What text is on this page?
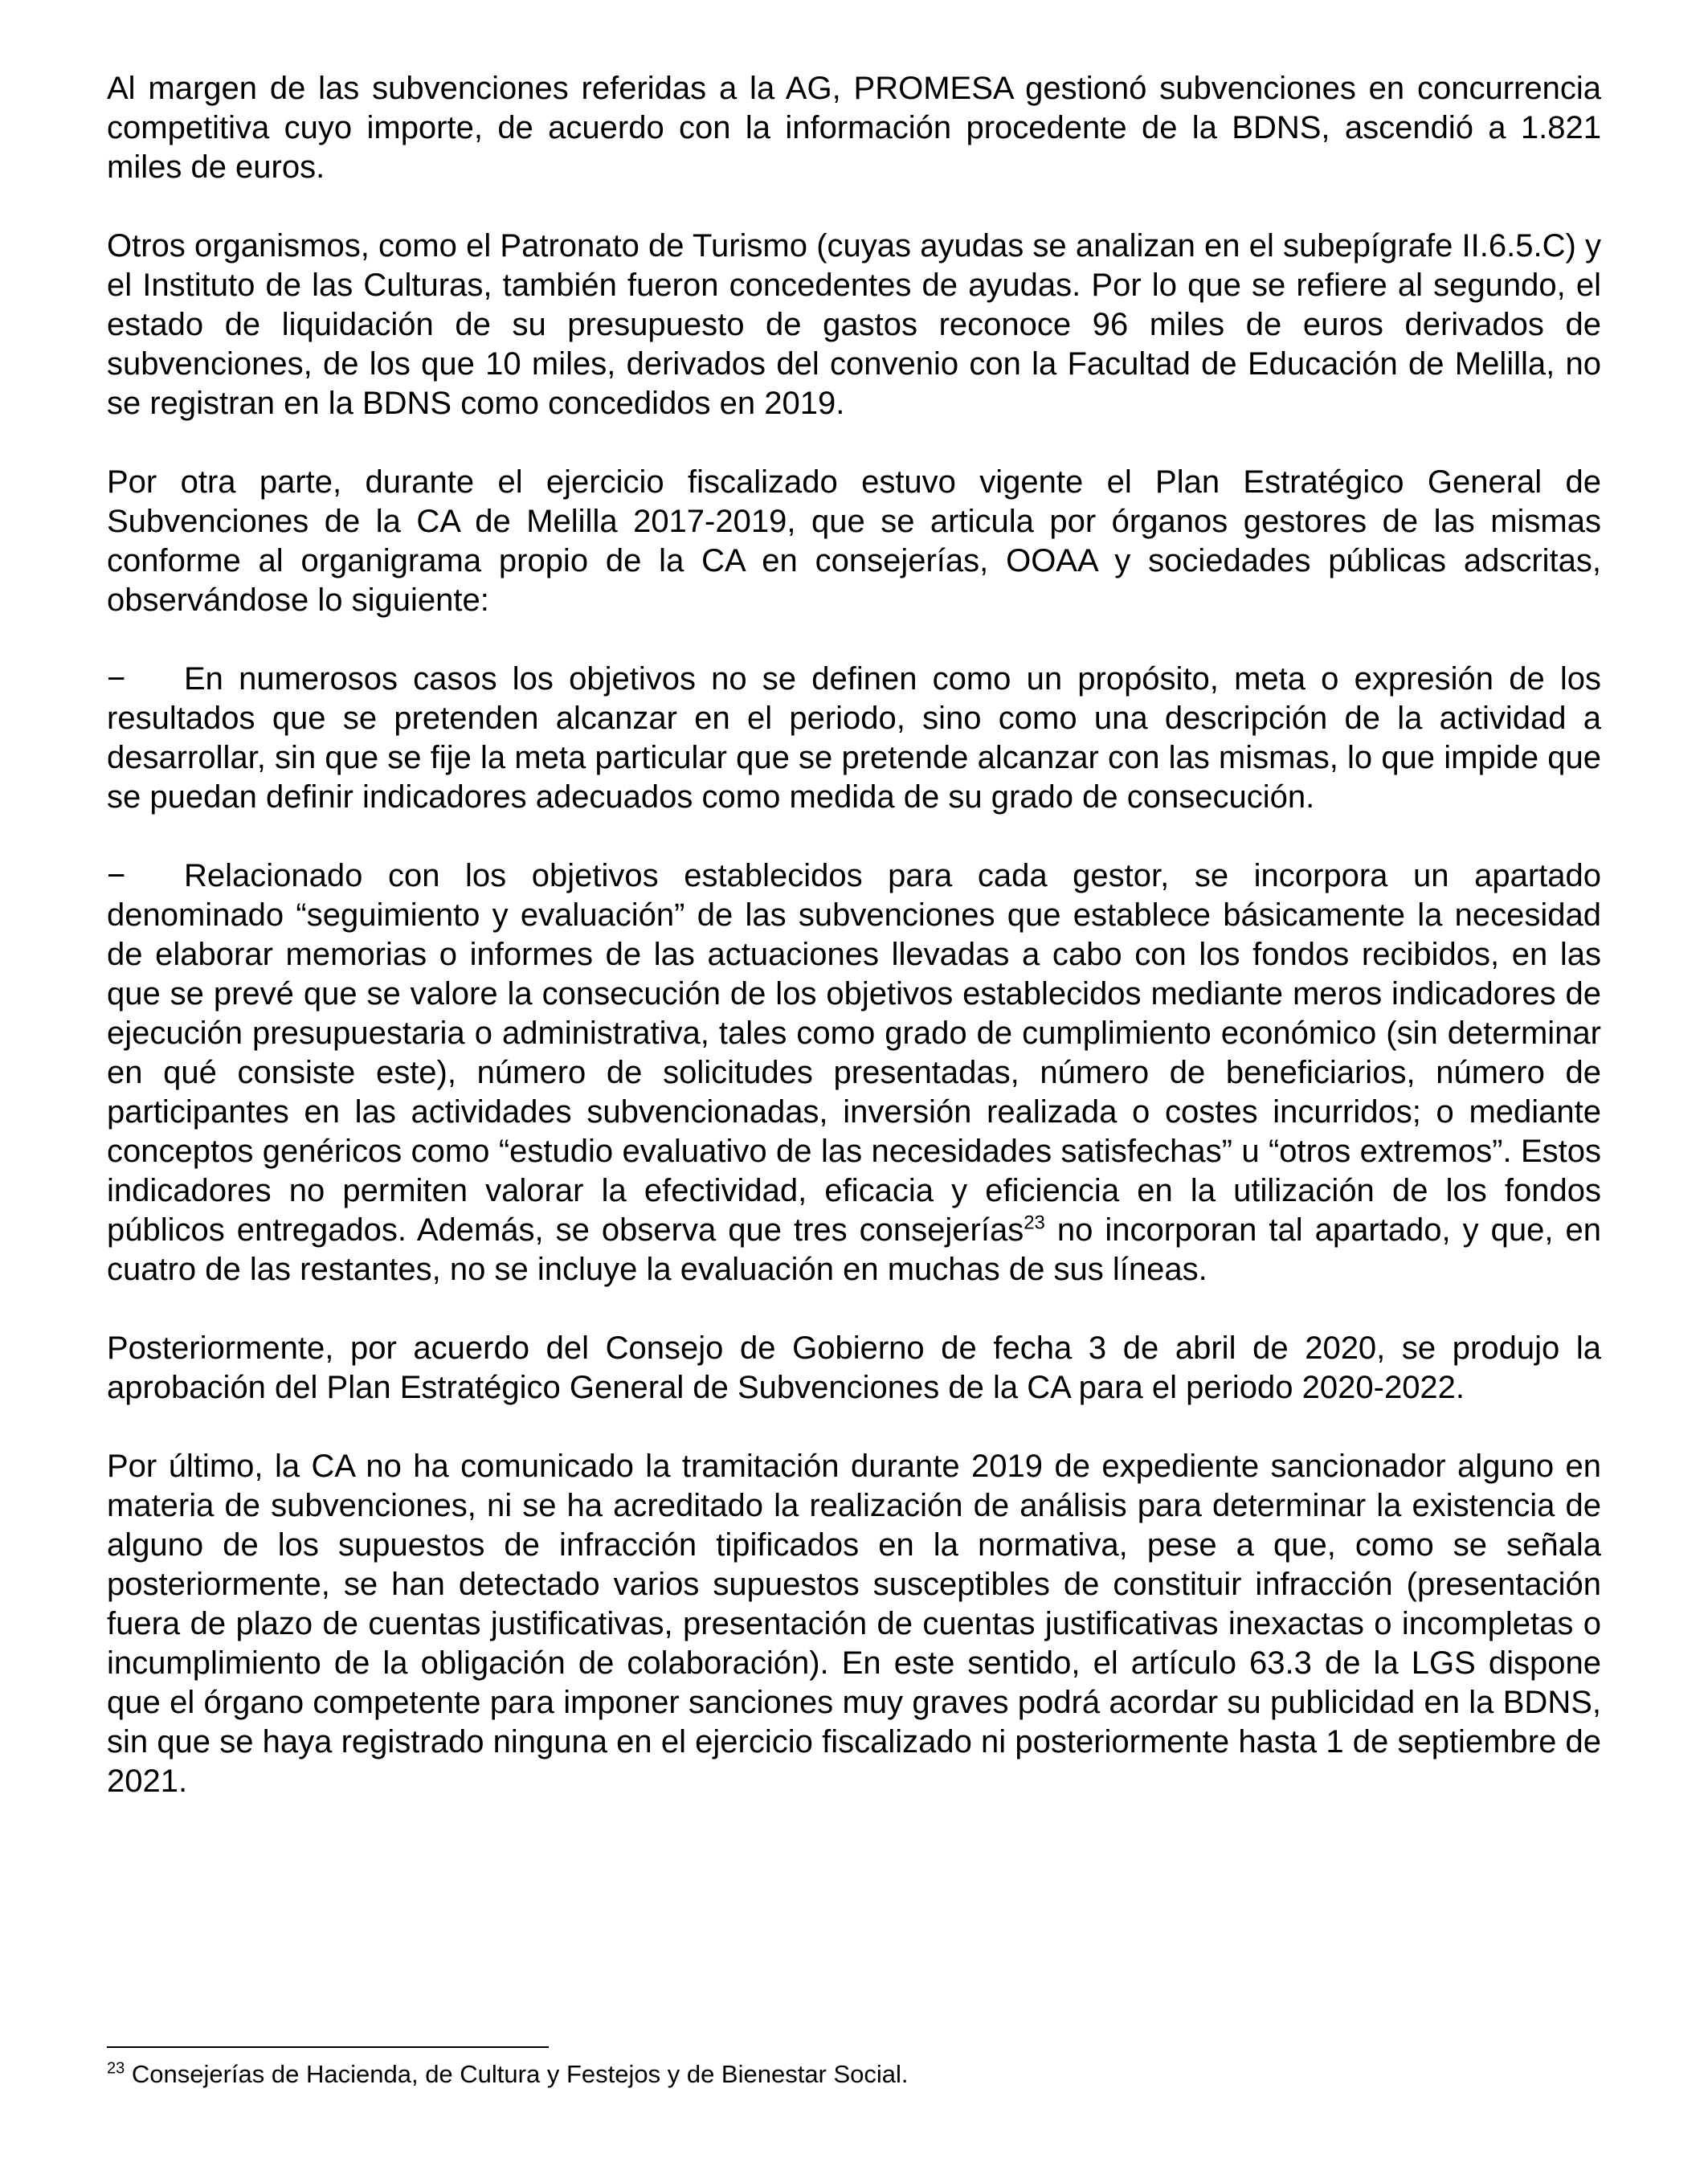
Al margen de las subvenciones referidas a la AG, PROMESA gestionó subvenciones en concurrencia competitiva cuyo importe, de acuerdo con la información procedente de la BDNS, ascendió a 1.821 miles de euros.

Otros organismos, como el Patronato de Turismo (cuyas ayudas se analizan en el subepígrafe II.6.5.C) y el Instituto de las Culturas, también fueron concedentes de ayudas. Por lo que se refiere al segundo, el estado de liquidación de su presupuesto de gastos reconoce 96 miles de euros derivados de subvenciones, de los que 10 miles, derivados del convenio con la Facultad de Educación de Melilla, no se registran en la BDNS como concedidos en 2019.

Por otra parte, durante el ejercicio fiscalizado estuvo vigente el Plan Estratégico General de Subvenciones de la CA de Melilla 2017-2019, que se articula por órganos gestores de las mismas conforme al organigrama propio de la CA en consejerías, OOAA y sociedades públicas adscritas, observándose lo siguiente:

− En numerosos casos los objetivos no se definen como un propósito, meta o expresión de los resultados que se pretenden alcanzar en el periodo, sino como una descripción de la actividad a desarrollar, sin que se fije la meta particular que se pretende alcanzar con las mismas, lo que impide que se puedan definir indicadores adecuados como medida de su grado de consecución.

− Relacionado con los objetivos establecidos para cada gestor, se incorpora un apartado denominado “seguimiento y evaluación” de las subvenciones que establece básicamente la necesidad de elaborar memorias o informes de las actuaciones llevadas a cabo con los fondos recibidos, en las que se prevé que se valore la consecución de los objetivos establecidos mediante meros indicadores de ejecución presupuestaria o administrativa, tales como grado de cumplimiento económico (sin determinar en qué consiste este), número de solicitudes presentadas, número de beneficiarios, número de participantes en las actividades subvencionadas, inversión realizada o costes incurridos; o mediante conceptos genéricos como “estudio evaluativo de las necesidades satisfechas” u “otros extremos”. Estos indicadores no permiten valorar la efectividad, eficacia y eficiencia en la utilización de los fondos públicos entregados. Además, se observa que tres consejerías$^{23}$ no incorporan tal apartado, y que, en cuatro de las restantes, no se incluye la evaluación en muchas de sus líneas.

Posteriormente, por acuerdo del Consejo de Gobierno de fecha 3 de abril de 2020, se produjo la aprobación del Plan Estratégico General de Subvenciones de la CA para el periodo 2020-2022.

Por último, la CA no ha comunicado la tramitación durante 2019 de expediente sancionador alguno en materia de subvenciones, ni se ha acreditado la realización de análisis para determinar la existencia de alguno de los supuestos de infracción tipificados en la normativa, pese a que, como se señala posteriormente, se han detectado varios supuestos susceptibles de constituir infracción (presentación fuera de plazo de cuentas justificativas, presentación de cuentas justificativas inexactas o incompletas o incumplimiento de la obligación de colaboración). En este sentido, el artículo 63.3 de la LGS dispone que el órgano competente para imponer sanciones muy graves podrá acordar su publicidad en la BDNS, sin que se haya registrado ninguna en el ejercicio fiscalizado ni posteriormente hasta 1 de septiembre de 2021.

$^{23}$ Consejerías de Hacienda, de Cultura y Festejos y de Bienestar Social.
